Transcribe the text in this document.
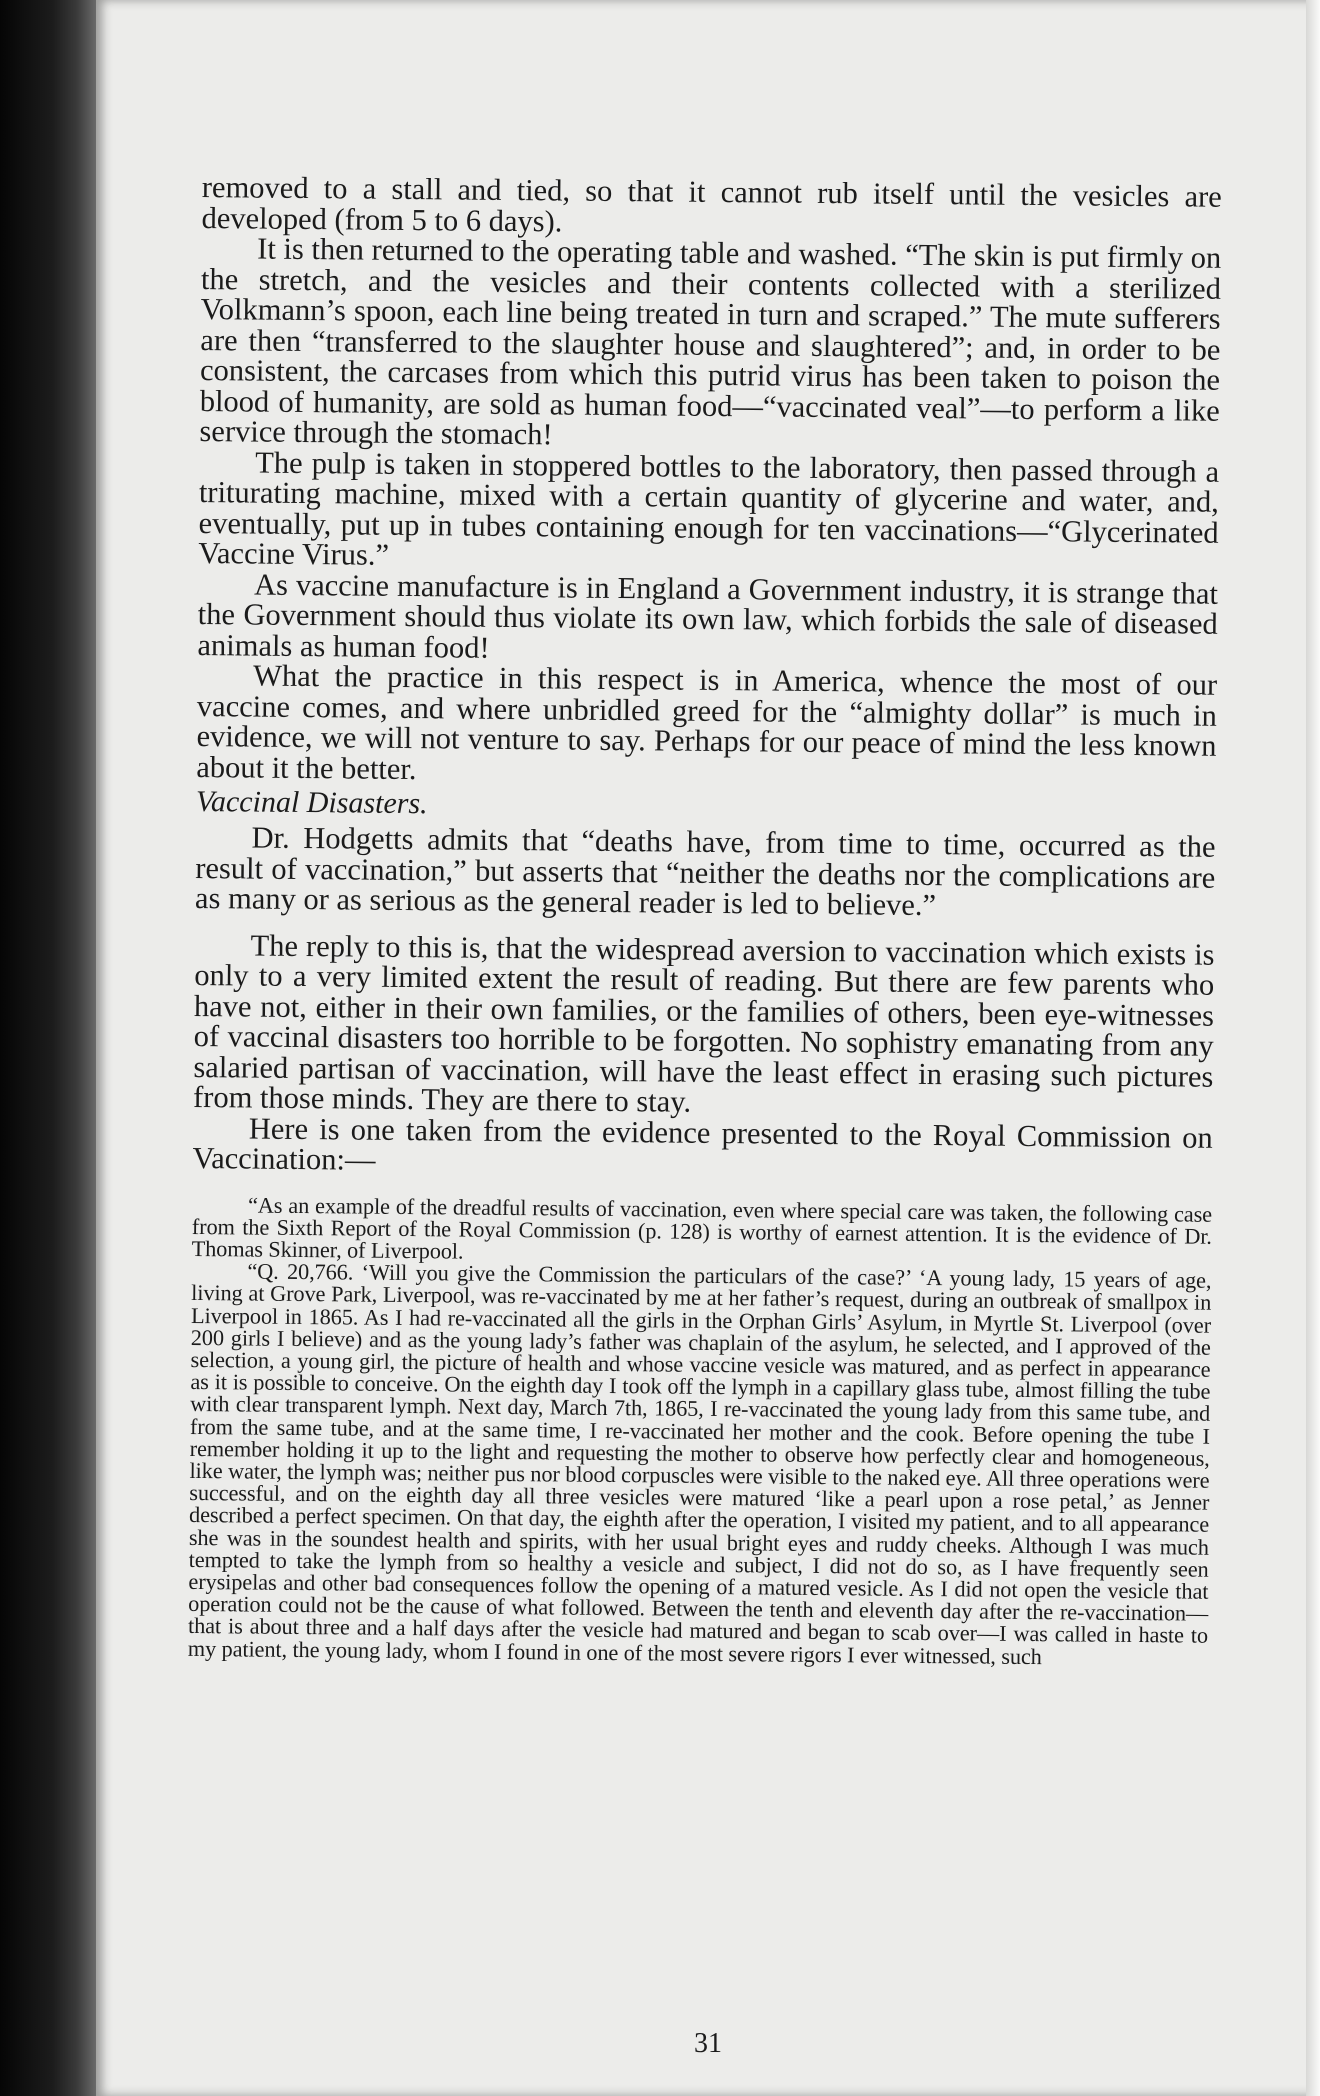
removed to a stall and tied, so that it cannot rub itself until the vesicles are developed (from 5 to 6 days).

It is then returned to the operating table and washed. “The skin is put firmly on the stretch, and the vesicles and their contents collected with a sterilized Volkmann’s spoon, each line being treated in turn and scraped.” The mute sufferers are then “transferred to the slaughter house and slaughtered”; and, in order to be consistent, the carcases from which this putrid virus has been taken to poison the blood of humanity, are sold as human food—“vaccinated veal”—to perform a like service through the stomach!

The pulp is taken in stoppered bottles to the laboratory, then passed through a triturating machine, mixed with a certain quantity of glycerine and water, and, eventually, put up in tubes containing enough for ten vaccinations—“Glycerinated Vaccine Virus.”

As vaccine manufacture is in England a Government industry, it is strange that the Government should thus violate its own law, which forbids the sale of diseased animals as human food!

What the practice in this respect is in America, whence the most of our vaccine comes, and where unbridled greed for the “almighty dollar” is much in evidence, we will not venture to say. Perhaps for our peace of mind the less known about it the better.

Vaccinal Disasters.

Dr. Hodgetts admits that “deaths have, from time to time, occurred as the result of vaccination,” but asserts that “neither the deaths nor the complications are as many or as serious as the general reader is led to believe.”

The reply to this is, that the widespread aversion to vaccination which exists is only to a very limited extent the result of reading. But there are few parents who have not, either in their own families, or the families of others, been eye-witnesses of vaccinal disasters too horrible to be forgotten. No sophistry emanating from any salaried partisan of vaccination, will have the least effect in erasing such pictures from those minds. They are there to stay.

Here is one taken from the evidence presented to the Royal Commission on Vaccination:—

“As an example of the dreadful results of vaccination, even where special care was taken, the following case from the Sixth Report of the Royal Commission (p. 128) is worthy of earnest attention. It is the evidence of Dr. Thomas Skinner, of Liverpool.

“Q. 20,766. ‘Will you give the Commission the particulars of the case?’ ‘A young lady, 15 years of age, living at Grove Park, Liverpool, was re-vaccinated by me at her father’s request, during an outbreak of smallpox in Liverpool in 1865. As I had re-vaccinated all the girls in the Orphan Girls’ Asylum, in Myrtle St. Liverpool (over 200 girls I believe) and as the young lady’s father was chaplain of the asylum, he selected, and I approved of the selection, a young girl, the picture of health and whose vaccine vesicle was matured, and as perfect in appearance as it is possible to conceive. On the eighth day I took off the lymph in a capillary glass tube, almost filling the tube with clear transparent lymph. Next day, March 7th, 1865, I re-vaccinated the young lady from this same tube, and from the same tube, and at the same time, I re-vaccinated her mother and the cook. Before opening the tube I remember holding it up to the light and requesting the mother to observe how perfectly clear and homogeneous, like water, the lymph was; neither pus nor blood corpuscles were visible to the naked eye. All three operations were successful, and on the eighth day all three vesicles were matured ‘like a pearl upon a rose petal,’ as Jenner described a perfect specimen. On that day, the eighth after the operation, I visited my patient, and to all appearance she was in the soundest health and spirits, with her usual bright eyes and ruddy cheeks. Although I was much tempted to take the lymph from so healthy a vesicle and subject, I did not do so, as I have frequently seen erysipelas and other bad consequences follow the opening of a matured vesicle. As I did not open the vesicle that operation could not be the cause of what followed. Between the tenth and eleventh day after the re-vaccination—that is about three and a half days after the vesicle had matured and began to scab over—I was called in haste to my patient, the young lady, whom I found in one of the most severe rigors I ever witnessed, such

31
